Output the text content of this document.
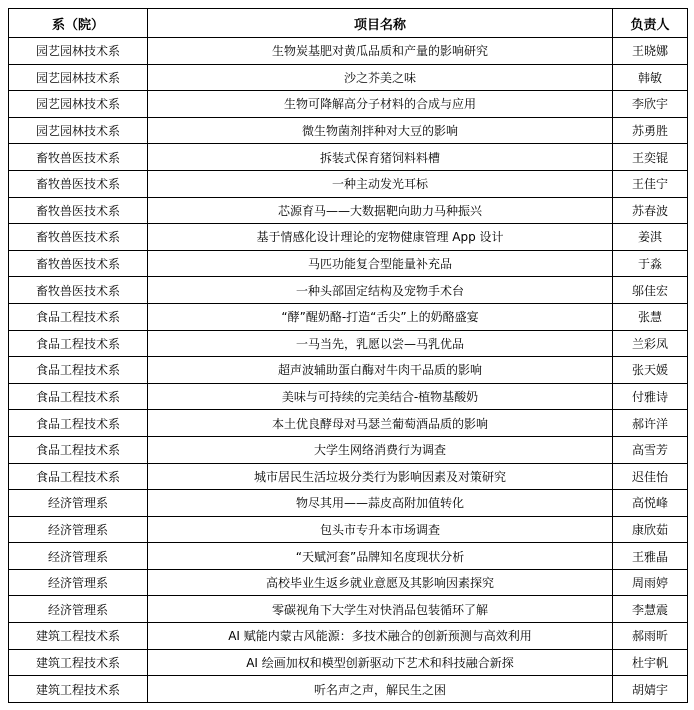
系（院）	项目名称	负责人
园艺园林技术系	生物炭基肥对黄瓜品质和产量的影响研究	王晓娜
园艺园林技术系	沙之芥美之味	韩敏
园艺园林技术系	生物可降解高分子材料的合成与应用	李欣宇
园艺园林技术系	微生物菌剂拌种对大豆的影响	苏勇胜
畜牧兽医技术系	拆装式保育猪饲料料槽	王奕锟
畜牧兽医技术系	一种主动发光耳标	王佳宁
畜牧兽医技术系	芯源育马——大数据靶向助力马种振兴	苏春波
畜牧兽医技术系	基于情感化设计理论的宠物健康管理 App 设计	姜淇
畜牧兽医技术系	马匹功能复合型能量补充品	于淼
畜牧兽医技术系	一种头部固定结构及宠物手术台	邬佳宏
食品工程技术系	“酵”醒奶酪-打造“舌尖”上的奶酪盛宴	张慧
食品工程技术系	一马当先，乳愿以尝—马乳优品	兰彩凤
食品工程技术系	超声波辅助蛋白酶对牛肉干品质的影响	张天媛
食品工程技术系	美味与可持续的完美结合-植物基酸奶	付雅诗
食品工程技术系	本土优良酵母对马瑟兰葡萄酒品质的影响	郝许洋
食品工程技术系	大学生网络消费行为调查	高雪芳
食品工程技术系	城市居民生活垃圾分类行为影响因素及对策研究	迟佳怡
经济管理系	物尽其用——蒜皮高附加值转化	高悦峰
经济管理系	包头市专升本市场调查	康欣茹
经济管理系	“天赋河套”品牌知名度现状分析	王雅晶
经济管理系	高校毕业生返乡就业意愿及其影响因素探究	周雨婷
经济管理系	零碳视角下大学生对快消品包装循环了解	李慧震
建筑工程技术系	AI 赋能内蒙古风能源：多技术融合的创新预测与高效利用	郝雨昕
建筑工程技术系	AI 绘画加权和模型创新驱动下艺术和科技融合新探	杜宇帆
建筑工程技术系	听名声之声，解民生之困	胡婧宇
